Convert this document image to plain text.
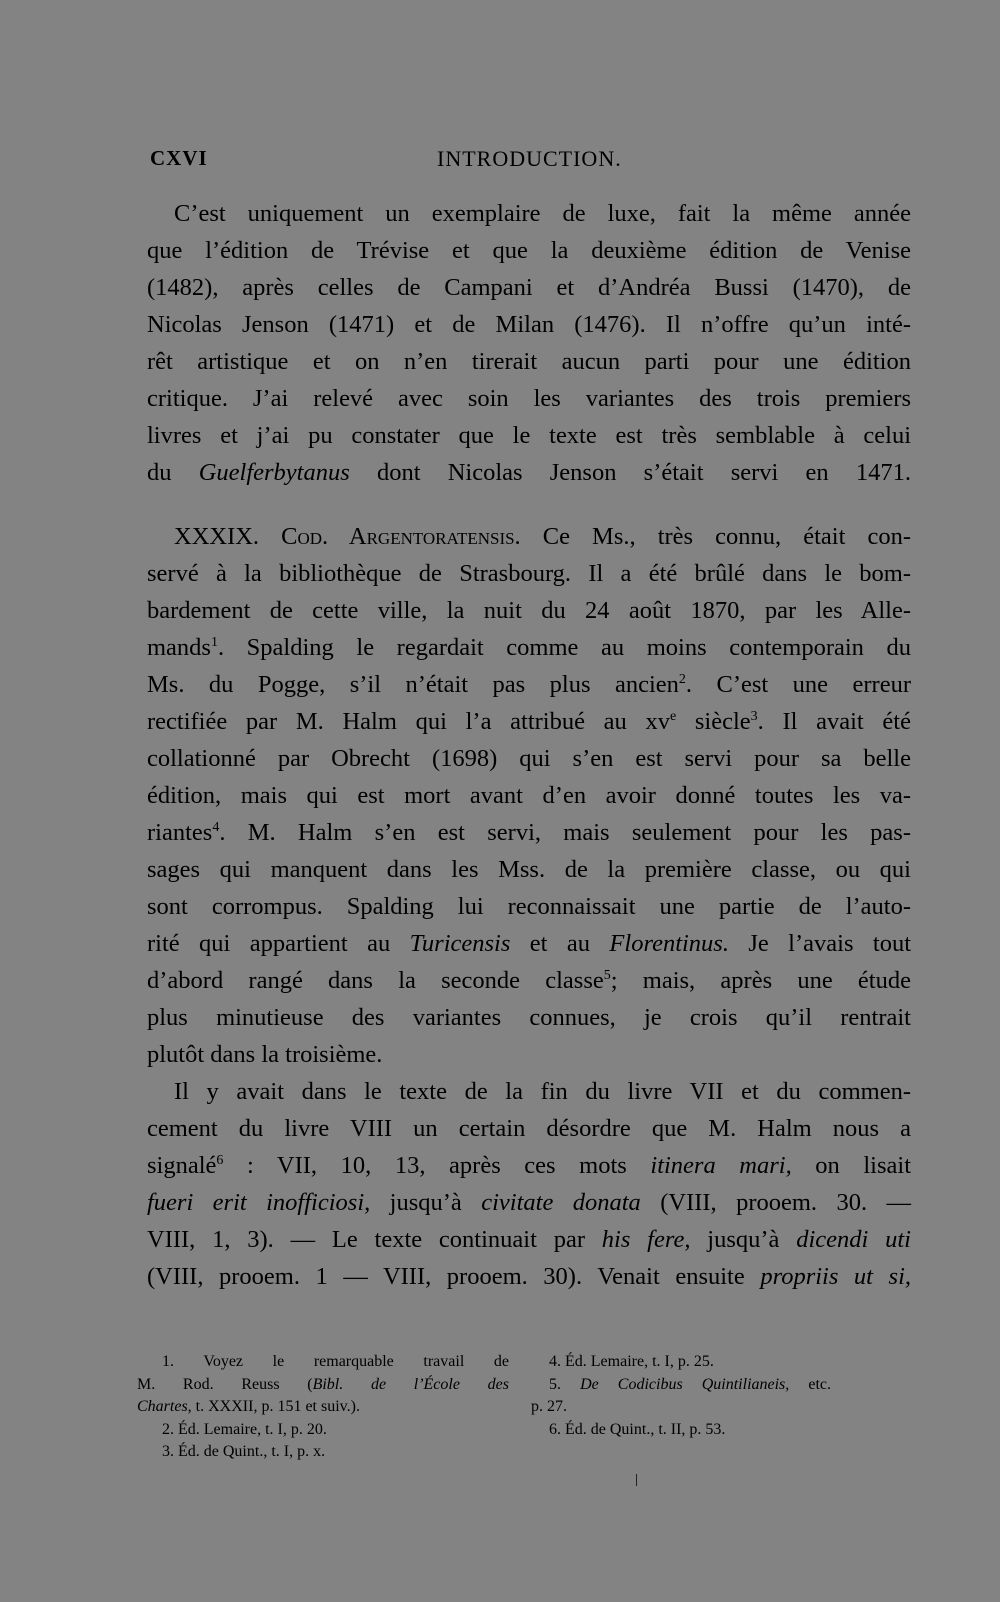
CXVI	INTRODUCTION.
C’est uniquement un exemplaire de luxe, fait la même année
que l’édition de Trévise et que la deuxième édition de Venise
(1482), après celles de Campani et d’Andréa Bussi (1470), de
Nicolas Jenson (1471) et de Milan (1476). Il n’offre qu’un inté-
rêt artistique et on n’en tirerait aucun parti pour une édition
critique. J’ai relevé avec soin les variantes des trois premiers
livres et j’ai pu constater que le texte est très semblable à celui
du Guelferbytanus dont Nicolas Jenson s’était servi en 1471.
XXXIX. Cod. Argentoratensis. Ce Ms., très connu, était con-
servé à la bibliothèque de Strasbourg. Il a été brûlé dans le bom-
bardement de cette ville, la nuit du 24 août 1870, par les Alle-
mands$^1$. Spalding le regardait comme au moins contemporain du
Ms. du Pogge, s’il n’était pas plus ancien$^2$. C’est une erreur
rectifiée par M. Halm qui l’a attribué au $xv^e$ siècle$^3$. Il avait été
collationné par Obrecht (1698) qui s’en est servi pour sa belle
édition, mais qui est mort avant d’en avoir donné toutes les va-
riantes$^4$. M. Halm s’en est servi, mais seulement pour les pas-
sages qui manquent dans les Mss. de la première classe, ou qui
sont corrompus. Spalding lui reconnaissait une partie de l’auto-
rité qui appartient au Turicensis et au Florentinus. Je l’avais tout
d’abord rangé dans la seconde classe$^5$; mais, après une étude
plus minutieuse des variantes connues, je crois qu’il rentrait
plutôt dans la troisième.
Il y avait dans le texte de la fin du livre VII et du commen-
cement du livre VIII un certain désordre que M. Halm nous a
signalé$^6$ : VII, 10, 13, après ces mots itinera mari, on lisait
fueri erit inofficiosi, jusqu’à civitate donata (VIII, prooem. 30. —
VIII, 1, 3). — Le texte continuait par his fere, jusqu’à dicendi uti
(VIII, prooem. 1 — VIII, prooem. 30). Venait ensuite propriis ut si,
1. Voyez le remarquable travail de
M. Rod. Reuss (Bibl. de l’École des
Chartes, t. XXXII, p. 151 et suiv.).
2. Éd. Lemaire, t. I, p. 20.
3. Éd. de Quint., t. I, p. x.
4. Éd. Lemaire, t. I, p. 25.
5. De Codicibus Quintilianeis, etc.
p. 27.
6. Éd. de Quint., t. II, p. 53.
